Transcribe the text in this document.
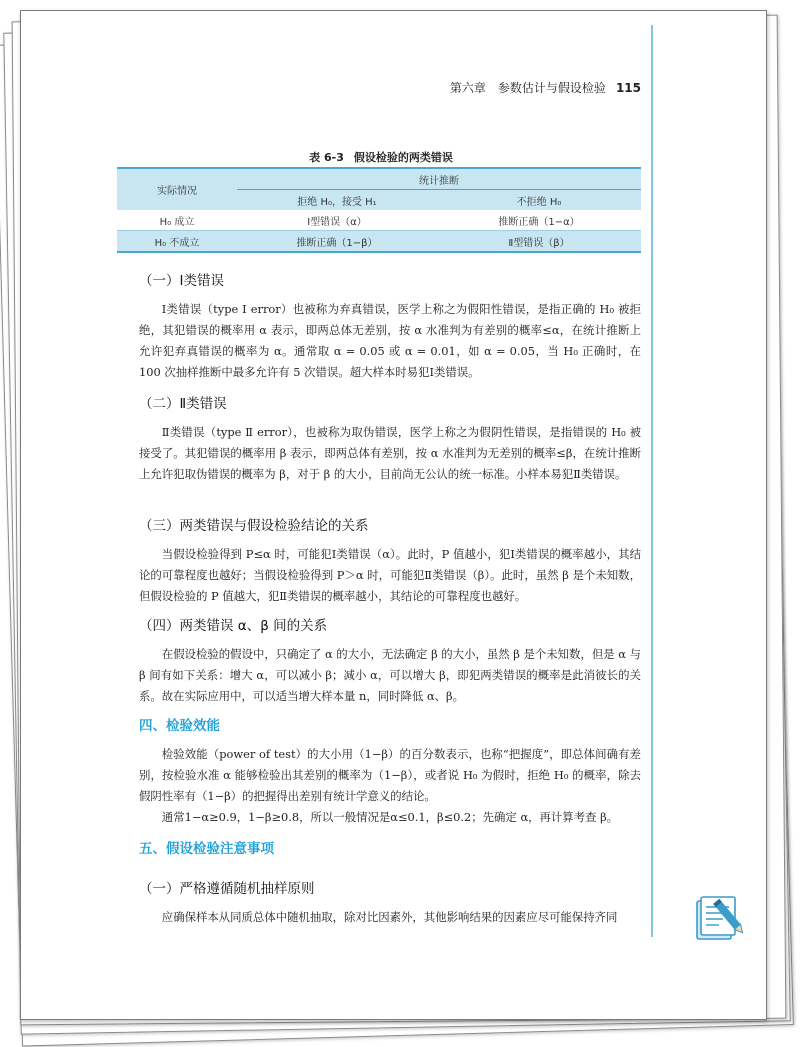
第六章　参数估计与假设检验 115
表 6-3 假设检验的两类错误
实际情况	统计推断	
	拒绝 H₀，接受 H₁	不拒绝 H₀
H₀ 成立	Ⅰ型错误（α）	推断正确（1−α）
H₀ 不成立	推断正确（1−β）	Ⅱ型错误（β）
（一）Ⅰ类错误

Ⅰ类错误（type Ⅰ error）也被称为弃真错误，医学上称之为假阳性错误，是指正确的 H₀ 被拒绝，其犯错误的概率用 α 表示，即两总体无差别，按 α 水准判为有差别的概率≤α，在统计推断上允许犯弃真错误的概率为 α。通常取 α = 0.05 或 α = 0.01，如 α = 0.05，当 H₀ 正确时，在 100 次抽样推断中最多允许有 5 次错误。超大样本时易犯Ⅰ类错误。

（二）Ⅱ类错误

Ⅱ类错误（type Ⅱ error），也被称为取伪错误，医学上称之为假阴性错误，是指错误的 H₀ 被接受了。其犯错误的概率用 β 表示，即两总体有差别，按 α 水准判为无差别的概率≤β，在统计推断上允许犯取伪错误的概率为 β，对于 β 的大小，目前尚无公认的统一标准。小样本易犯Ⅱ类错误。

（三）两类错误与假设检验结论的关系

当假设检验得到 P≤α 时，可能犯Ⅰ类错误（α）。此时，P 值越小，犯Ⅰ类错误的概率越小，其结论的可靠程度也越好；当假设检验得到 P＞α 时，可能犯Ⅱ类错误（β）。此时，虽然 β 是个未知数，但假设检验的 P 值越大，犯Ⅱ类错误的概率越小，其结论的可靠程度也越好。

（四）两类错误 α、β 间的关系

在假设检验的假设中，只确定了 α 的大小，无法确定 β 的大小，虽然 β 是个未知数，但是 α 与 β 间有如下关系：增大 α，可以减小 β；减小 α，可以增大 β，即犯两类错误的概率是此消彼长的关系。故在实际应用中，可以适当增大样本量 n，同时降低 α、β。

四、检验效能

检验效能（power of test）的大小用（1−β）的百分数表示，也称“把握度”，即总体间确有差别，按检验水准 α 能够检验出其差别的概率为（1−β），或者说 H₀ 为假时，拒绝 H₀ 的概率，除去假阴性率有（1−β）的把握得出差别有统计学意义的结论。

通常1−α≥0.9，1−β≥0.8，所以一般情况是α≤0.1，β≤0.2；先确定 α，再计算考查 β。

五、假设检验注意事项
（一）严格遵循随机抽样原则

应确保样本从同质总体中随机抽取，除对比因素外，其他影响结果的因素应尽可能保持齐同
